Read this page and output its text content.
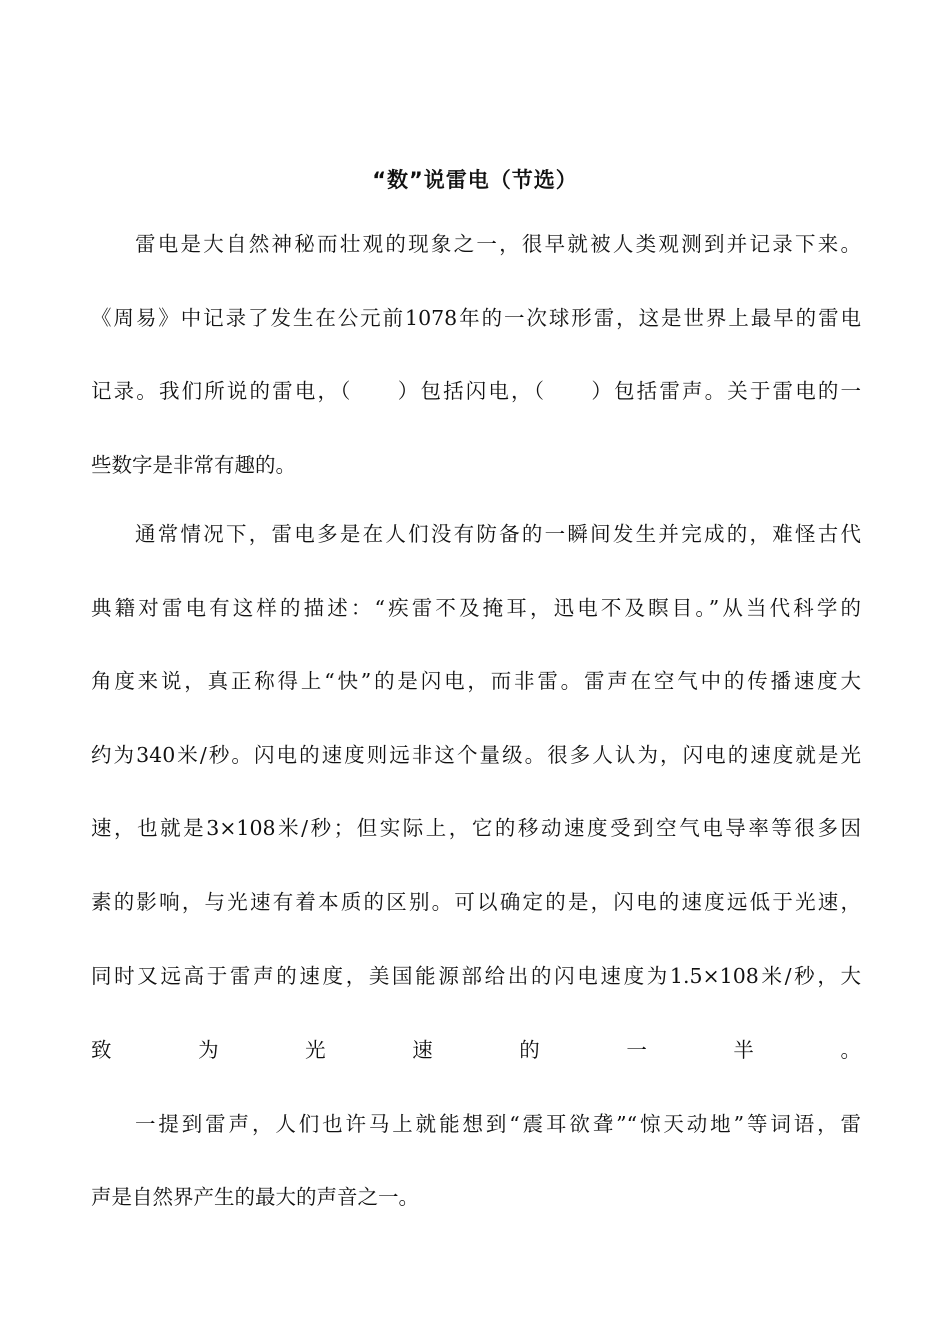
“数”说雷电（节选）
雷电是大自然神秘而壮观的现象之一，很早就被人类观测到并记录下来。
《周易》中记录了发生在公元前1078年的一次球形雷，这是世界上最早的雷电
记录。我们所说的雷电，（　　）包括闪电，（　　）包括雷声。关于雷电的一
些数字是非常有趣的。
通常情况下，雷电多是在人们没有防备的一瞬间发生并完成的，难怪古代
典籍对雷电有这样的描述：“疾雷不及掩耳，迅电不及瞑目。”从当代科学的
角度来说，真正称得上“快”的是闪电，而非雷。雷声在空气中的传播速度大
约为340米/秒。闪电的速度则远非这个量级。很多人认为，闪电的速度就是光
速，也就是3×108米/秒；但实际上，它的移动速度受到空气电导率等很多因
素的影响，与光速有着本质的区别。可以确定的是，闪电的速度远低于光速，
同时又远高于雷声的速度，美国能源部给出的闪电速度为1.5×108米/秒，大
致　　　　为　　　　光　　　　速　　　　的　　　　一　　　　半　　　　。
一提到雷声，人们也许马上就能想到“震耳欲聋”“惊天动地”等词语，雷
声是自然界产生的最大的声音之一。
